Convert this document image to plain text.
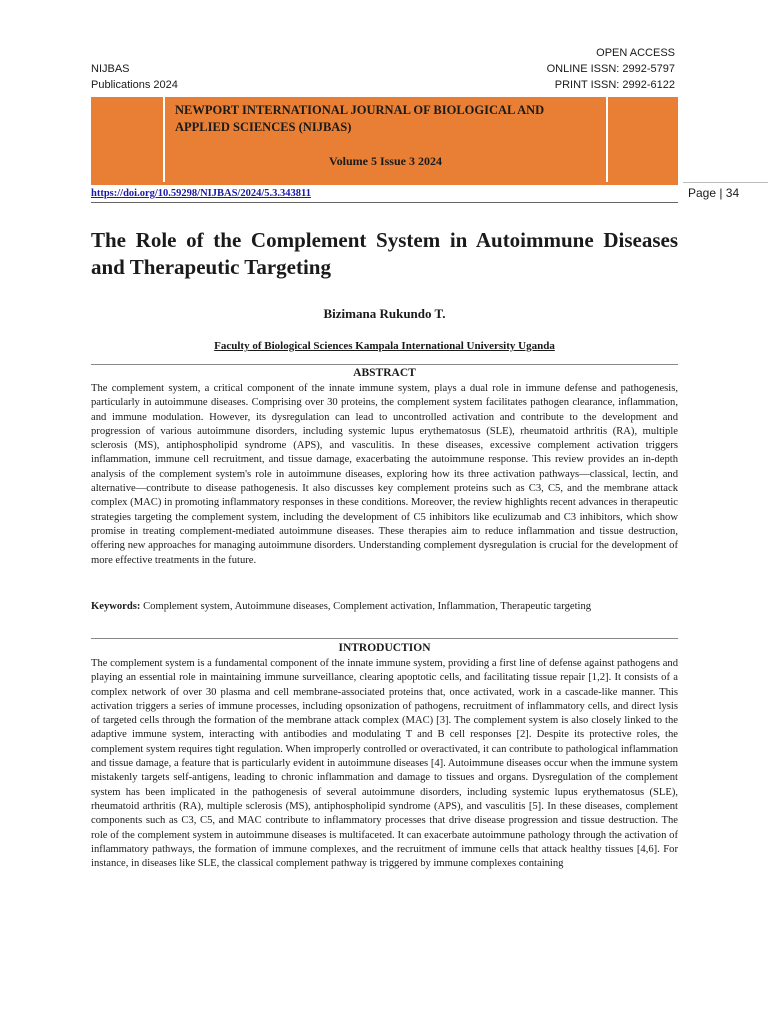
NIJBAS
Publications 2024
OPEN ACCESS
ONLINE ISSN: 2992-5797
PRINT ISSN: 2992-6122
NEWPORT INTERNATIONAL JOURNAL OF BIOLOGICAL AND APPLIED SCIENCES (NIJBAS)
Volume 5 Issue 3 2024
https://doi.org/10.59298/NIJBAS/2024/5.3.343811	Page | 34
The Role of the Complement System in Autoimmune Diseases and Therapeutic Targeting
Bizimana Rukundo T.
Faculty of Biological Sciences Kampala International University Uganda
ABSTRACT
The complement system, a critical component of the innate immune system, plays a dual role in immune defense and pathogenesis, particularly in autoimmune diseases. Comprising over 30 proteins, the complement system facilitates pathogen clearance, inflammation, and immune modulation. However, its dysregulation can lead to uncontrolled activation and contribute to the development and progression of various autoimmune disorders, including systemic lupus erythematosus (SLE), rheumatoid arthritis (RA), multiple sclerosis (MS), antiphospholipid syndrome (APS), and vasculitis. In these diseases, excessive complement activation triggers inflammation, immune cell recruitment, and tissue damage, exacerbating the autoimmune response. This review provides an in-depth analysis of the complement system's role in autoimmune diseases, exploring how its three activation pathways—classical, lectin, and alternative—contribute to disease pathogenesis. It also discusses key complement proteins such as C3, C5, and the membrane attack complex (MAC) in promoting inflammatory responses in these conditions. Moreover, the review highlights recent advances in therapeutic strategies targeting the complement system, including the development of C5 inhibitors like eculizumab and C3 inhibitors, which show promise in treating complement-mediated autoimmune diseases. These therapies aim to reduce inflammation and tissue destruction, offering new approaches for managing autoimmune disorders. Understanding complement dysregulation is crucial for the development of more effective treatments in the future.
Keywords: Complement system, Autoimmune diseases, Complement activation, Inflammation, Therapeutic targeting
INTRODUCTION
The complement system is a fundamental component of the innate immune system, providing a first line of defense against pathogens and playing an essential role in maintaining immune surveillance, clearing apoptotic cells, and facilitating tissue repair [1,2]. It consists of a complex network of over 30 plasma and cell membrane-associated proteins that, once activated, work in a cascade-like manner. This activation triggers a series of immune processes, including opsonization of pathogens, recruitment of inflammatory cells, and direct lysis of targeted cells through the formation of the membrane attack complex (MAC) [3]. The complement system is also closely linked to the adaptive immune system, interacting with antibodies and modulating T and B cell responses [2]. Despite its protective roles, the complement system requires tight regulation. When improperly controlled or overactivated, it can contribute to pathological inflammation and tissue damage, a feature that is particularly evident in autoimmune diseases [4]. Autoimmune diseases occur when the immune system mistakenly targets self-antigens, leading to chronic inflammation and damage to tissues and organs. Dysregulation of the complement system has been implicated in the pathogenesis of several autoimmune disorders, including systemic lupus erythematosus (SLE), rheumatoid arthritis (RA), multiple sclerosis (MS), antiphospholipid syndrome (APS), and vasculitis [5]. In these diseases, complement components such as C3, C5, and MAC contribute to inflammatory processes that drive disease progression and tissue destruction. The role of the complement system in autoimmune diseases is multifaceted. It can exacerbate autoimmune pathology through the activation of inflammatory pathways, the formation of immune complexes, and the recruitment of immune cells that attack healthy tissues [4,6]. For instance, in diseases like SLE, the classical complement pathway is triggered by immune complexes containing
